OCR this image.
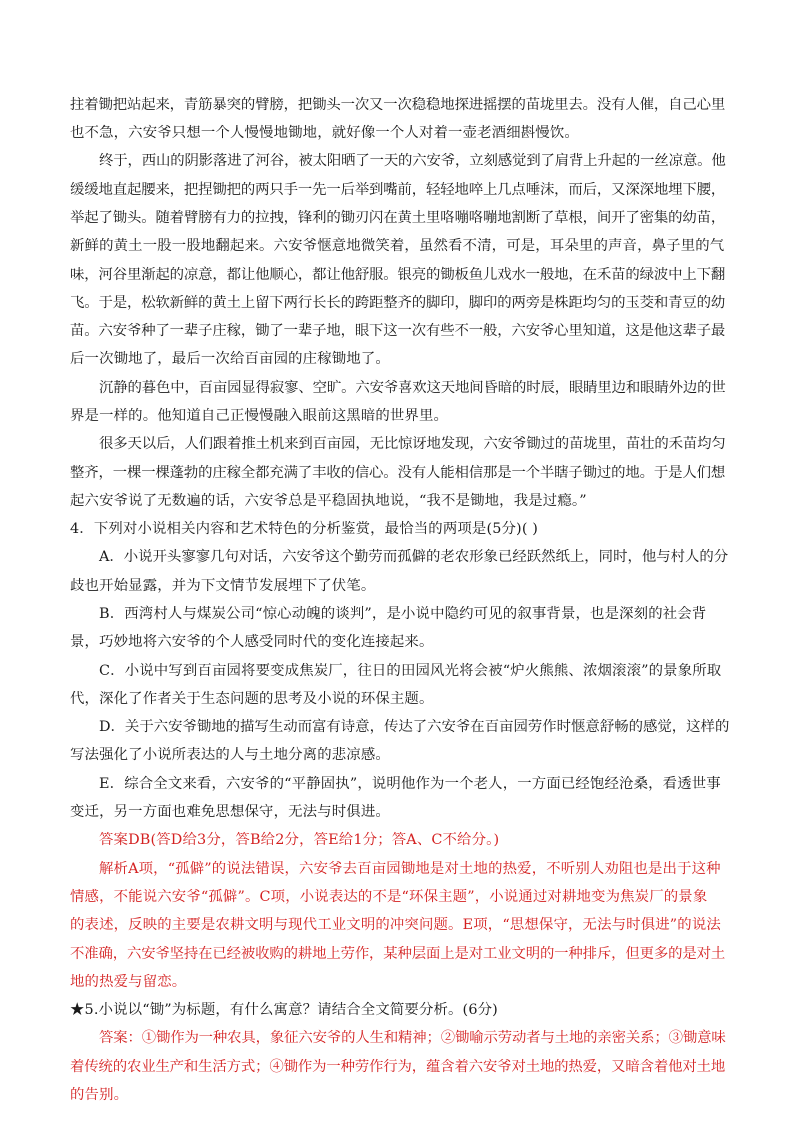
拄着锄把站起来，青筋暴突的臂膀，把锄头一次又一次稳稳地探进摇摆的苗垅里去。没有人催，自己心里
也不急，六安爷只想一个人慢慢地锄地，就好像一个人对着一壶老酒细斟慢饮。
终于，西山的阴影落进了河谷，被太阳晒了一天的六安爷，立刻感觉到了肩背上升起的一丝凉意。他
缓缓地直起腰来，把捏锄把的两只手一先一后举到嘴前，轻轻地啐上几点唾沫，而后，又深深地埋下腰，
举起了锄头。随着臂膀有力的拉拽，锋利的锄刃闪在黄土里咯嘣咯嘣地割断了草根，间开了密集的幼苗，
新鲜的黄土一股一股地翻起来。六安爷惬意地微笑着，虽然看不清，可是，耳朵里的声音，鼻子里的气
味，河谷里渐起的凉意，都让他顺心，都让他舒服。银亮的锄板鱼儿戏水一般地，在禾苗的绿波中上下翻
飞。于是，松软新鲜的黄土上留下两行长长的跨距整齐的脚印，脚印的两旁是株距均匀的玉茭和青豆的幼
苗。六安爷种了一辈子庄稼，锄了一辈子地，眼下这一次有些不一般，六安爷心里知道，这是他这辈子最
后一次锄地了，最后一次给百亩园的庄稼锄地了。
沉静的暮色中，百亩园显得寂寥、空旷。六安爷喜欢这天地间昏暗的时辰，眼睛里边和眼睛外边的世
界是一样的。他知道自己正慢慢融入眼前这黑暗的世界里。
很多天以后，人们跟着推土机来到百亩园，无比惊讶地发现，六安爷锄过的苗垅里，苗壮的禾苗均匀
整齐，一棵一棵蓬勃的庄稼全都充满了丰收的信心。没有人能相信那是一个半瞎子锄过的地。于是人们想
起六安爷说了无数遍的话，六安爷总是平稳固执地说，“我不是锄地，我是过瘾。”
4．下列对小说相关内容和艺术特色的分析鉴赏，最恰当的两项是(5分)( )
A．小说开头寥寥几句对话，六安爷这个勤劳而孤僻的老农形象已经跃然纸上，同时，他与村人的分
歧也开始显露，并为下文情节发展埋下了伏笔。
B．西湾村人与煤炭公司“惊心动魄的谈判”，是小说中隐约可见的叙事背景，也是深刻的社会背
景，巧妙地将六安爷的个人感受同时代的变化连接起来。
C．小说中写到百亩园将要变成焦炭厂，往日的田园风光将会被“炉火熊熊、浓烟滚滚”的景象所取
代，深化了作者关于生态问题的思考及小说的环保主题。
D．关于六安爷锄地的描写生动而富有诗意，传达了六安爷在百亩园劳作时惬意舒畅的感觉，这样的
写法强化了小说所表达的人与土地分离的悲凉感。
E．综合全文来看，六安爷的“平静固执”，说明他作为一个老人，一方面已经饱经沧桑，看透世事
变迁，另一方面也难免思想保守，无法与时俱进。
答案DB(答D给3分，答B给2分，答E给1分；答A、C不给分。)
解析A项，“孤僻”的说法错误，六安爷去百亩园锄地是对土地的热爱，不听别人劝阻也是出于这种
情感，不能说六安爷“孤僻”。C项，小说表达的不是“环保主题”，小说通过对耕地变为焦炭厂的景象
的表述，反映的主要是农耕文明与现代工业文明的冲突问题。E项，“思想保守，无法与时俱进”的说法
不准确，六安爷坚持在已经被收购的耕地上劳作，某种层面上是对工业文明的一种排斥，但更多的是对土
地的热爱与留恋。
★5.小说以“锄”为标题，有什么寓意？请结合全文简要分析。(6分)
答案：①锄作为一种农具，象征六安爷的人生和精神；②锄喻示劳动者与土地的亲密关系；③锄意味
着传统的农业生产和生活方式；④锄作为一种劳作行为，蕴含着六安爷对土地的热爱，又暗含着他对土地
的告别。
